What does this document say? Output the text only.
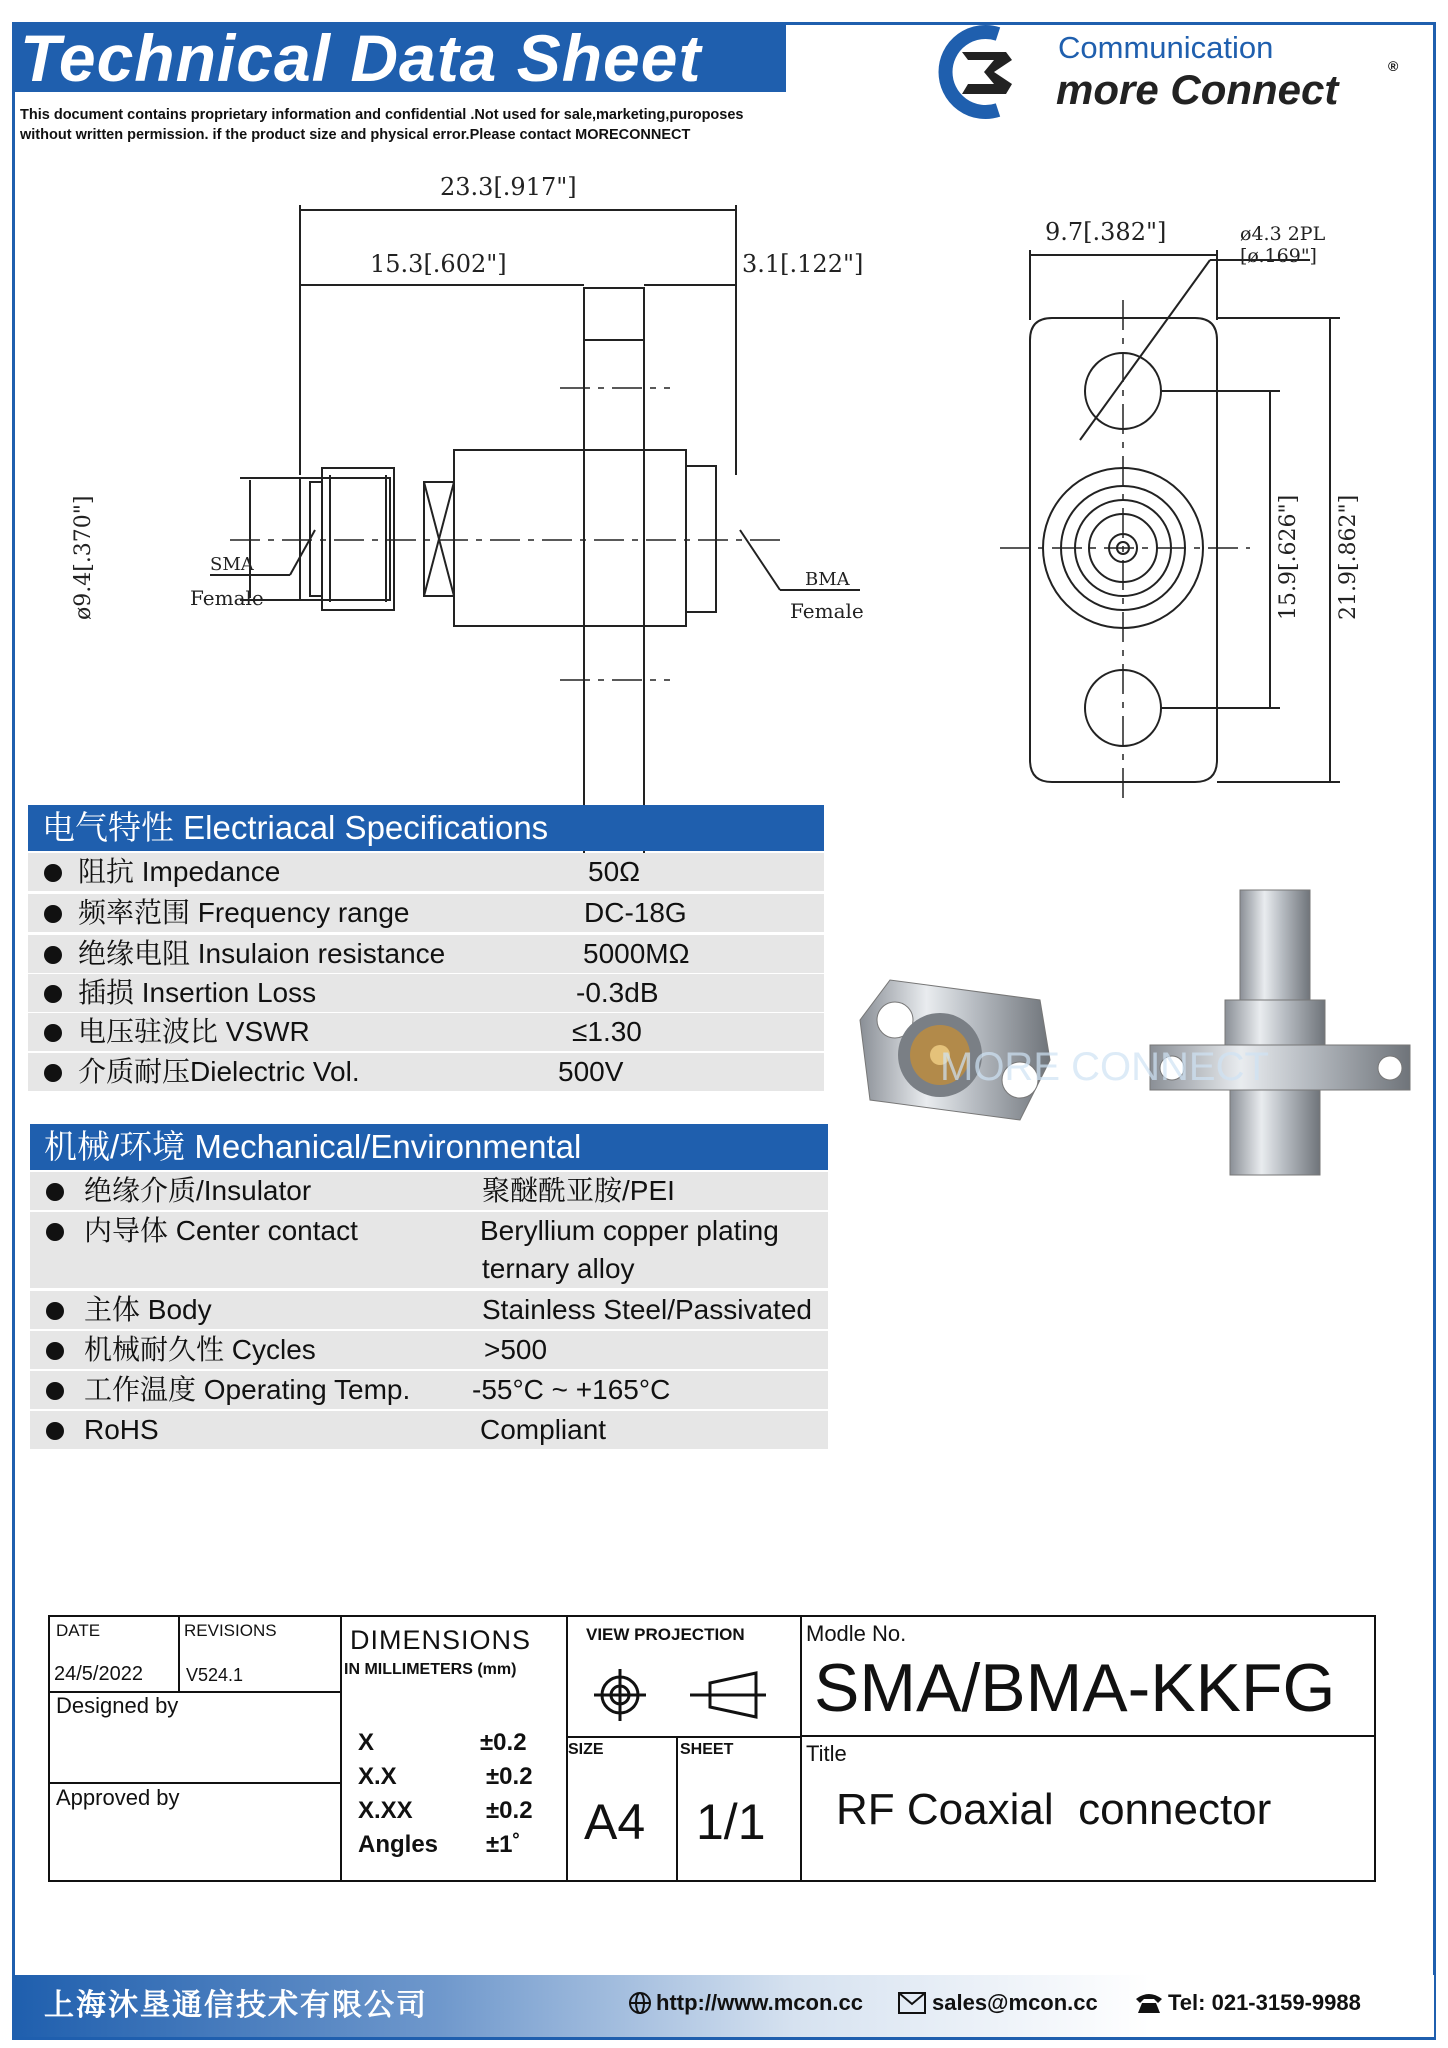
Technical Data Sheet
This document contains proprietary information and confidential .Not used for sale,marketing,puroposes
without written permission. if the product size and physical error.Please contact MORECONNECT
Communication
more Connect	®
23.3[.917"]
15.3[.602"]	3.1[.122"]
SMA
Female
BMA
Female
9.7[.382"]	ø4.3 2PL
[ø.169"]
ø9.4[.370"]	15.9[.626"] 21.9[.862"]
MORE CONNECT
电气特性 Electriacal Specifications
阻抗 Impedance	50Ω
频率范围 Frequency range	DC-18G
绝缘电阻 Insulaion resistance	5000MΩ
插损 Insertion Loss	-0.3dB
电压驻波比 VSWR	≤1.30
介质耐压Dielectric Vol.	500V
机械/环境 Mechanical/Environmental
绝缘介质/Insulator	聚醚酰亚胺/PEI
内导体 Center contact	Beryllium copper plating
ternary alloy
主体 Body	Stainless Steel/Passivated
机械耐久性 Cycles	>500
工作温度 Operating Temp. -55°C ~ +165°C
RoHS	Compliant
DATE
24/5/2022
REVISIONS
V524.1
Designed by
Approved by
DIMENSIONS
IN MILLIMETERS (mm)
X	±0.2
X.X	±0.2
X.XX	±0.2
Angles ±1˚
VIEW PROJECTION
SIZE
A4
SHEET
1/1
Modle No.
SMA/BMA-KKFG
Title
RF Coaxial  connector
上海沐垦通信技术有限公司	http://www.mcon.cc	sales@mcon.cc	Tel: 021-3159-9988
